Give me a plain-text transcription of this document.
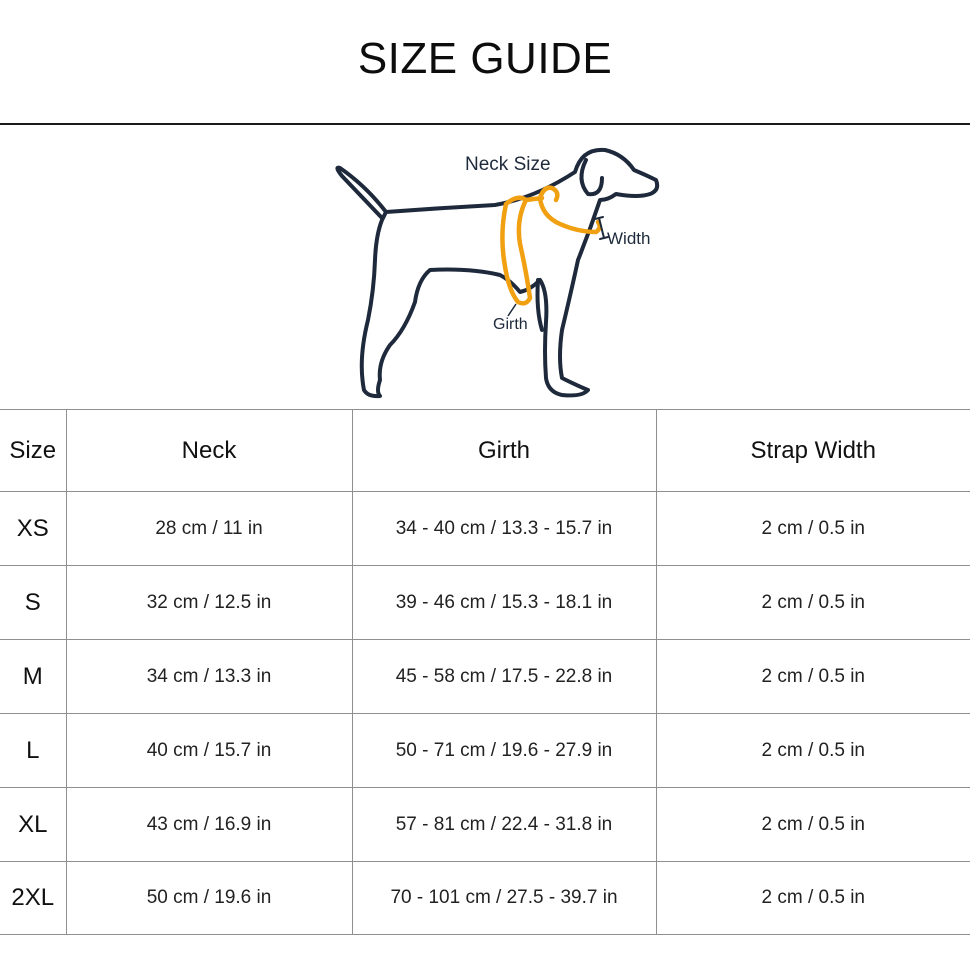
SIZE GUIDE
Neck Size
Width
Girth
Size	Neck	Girth	Strap Width
XS	28 cm / 11 in	34 - 40 cm / 13.3 - 15.7 in	2 cm / 0.5 in
S	32 cm / 12.5 in	39 - 46 cm / 15.3 - 18.1 in	2 cm / 0.5 in
M	34 cm / 13.3 in	45 - 58 cm / 17.5 - 22.8 in	2 cm / 0.5 in
L	40 cm / 15.7 in	50 - 71 cm / 19.6 - 27.9 in	2 cm / 0.5 in
XL	43 cm / 16.9 in	57 - 81 cm / 22.4 - 31.8 in	2 cm / 0.5 in
2XL	50 cm / 19.6 in	70 - 101 cm / 27.5 - 39.7 in	2 cm / 0.5 in
